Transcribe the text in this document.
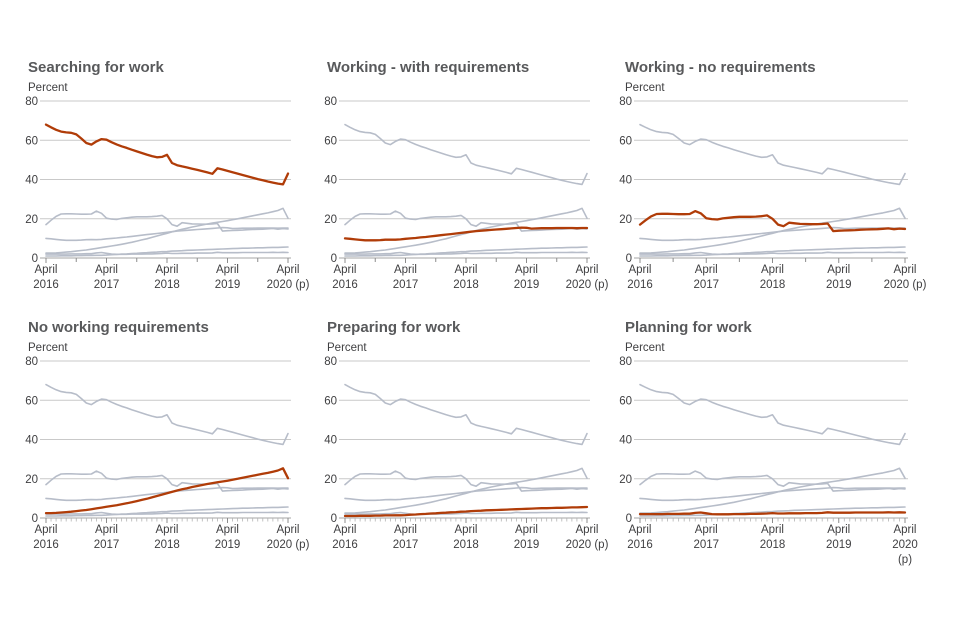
Searching for work
Percent
0
20
40
60
80
April
2016
April
2017
April
2018
April
2019
April
2020 (p)
Working - with requirements
0
20
40
60
80
April
2016
April
2017
April
2018
April
2019
April
2020 (p)
Working - no requirements
Percent
0
20
40
60
80
April
2016
April
2017
April
2018
April
2019
April
2020 (p)
No working requirements
Percent
0
20
40
60
80
April
2016
April
2017
April
2018
April
2019
April
2020 (p)
Preparing for work
Percent
0
20
40
60
80
April
2016
April
2017
April
2018
April
2019
April
2020 (p)
Planning for work
Percent
0
20
40
60
80
April
2016
April
2017
April
2018
April
2019
April
2020
(p)
